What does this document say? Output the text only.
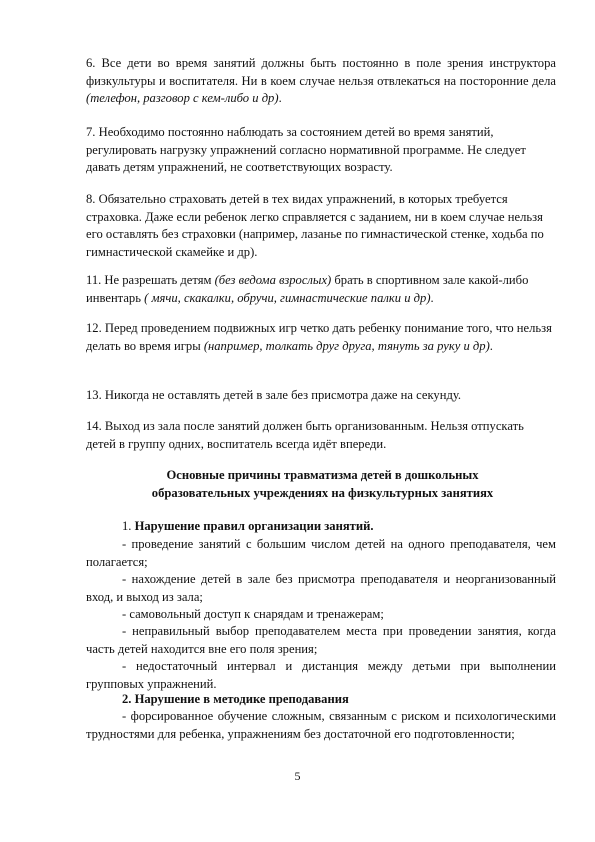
6. Все дети во время занятий должны быть постоянно в поле зрения инструктора физкультуры и воспитателя. Ни в коем случае нельзя отвлекаться на посторонние дела (телефон, разговор с кем-либо и др).

7. Необходимо постоянно наблюдать за состоянием детей во время занятий, регулировать нагрузку упражнений согласно нормативной программе. Не следует давать детям упражнений, не соответствующих возрасту.

8. Обязательно страховать детей в тех видах упражнений, в которых требуется страховка. Даже если ребенок легко справляется с заданием, ни в коем случае нельзя его оставлять без страховки (например, лазанье по гимнастической стенке, ходьба по гимнастической скамейке и др).

11. Не разрешать детям (без ведома взрослых) брать в спортивном зале какой-либо инвентарь ( мячи, скакалки, обручи, гимнастические палки и др).

12. Перед проведением подвижных игр четко дать ребенку понимание того, что нельзя делать во время игры (например, толкать друг друга, тянуть за руку и др).

13. Никогда не оставлять детей в зале без присмотра даже на секунду.

14. Выход из зала после занятий должен быть организованным. Нельзя отпускать детей в группу одних, воспитатель всегда идёт впереди.

Основные причины травматизма детей в дошкольных образовательных учреждениях на физкультурных занятиях

1. Нарушение правил организации занятий.

- проведение занятий с большим числом детей на одного преподавателя, чем полагается;

- нахождение детей в зале без присмотра преподавателя и неорганизованный вход, и выход из зала;

- самовольный доступ к снарядам и тренажерам;

- неправильный выбор преподавателем места при проведении занятия, когда часть детей находится вне его поля зрения;

- недостаточный интервал и дистанция между детьми при выполнении групповых упражнений.

2. Нарушение в методике преподавания

- форсированное обучение сложным, связанным с риском и психологическими трудностями для ребенка, упражнениям без достаточной его подготовленности;

5
